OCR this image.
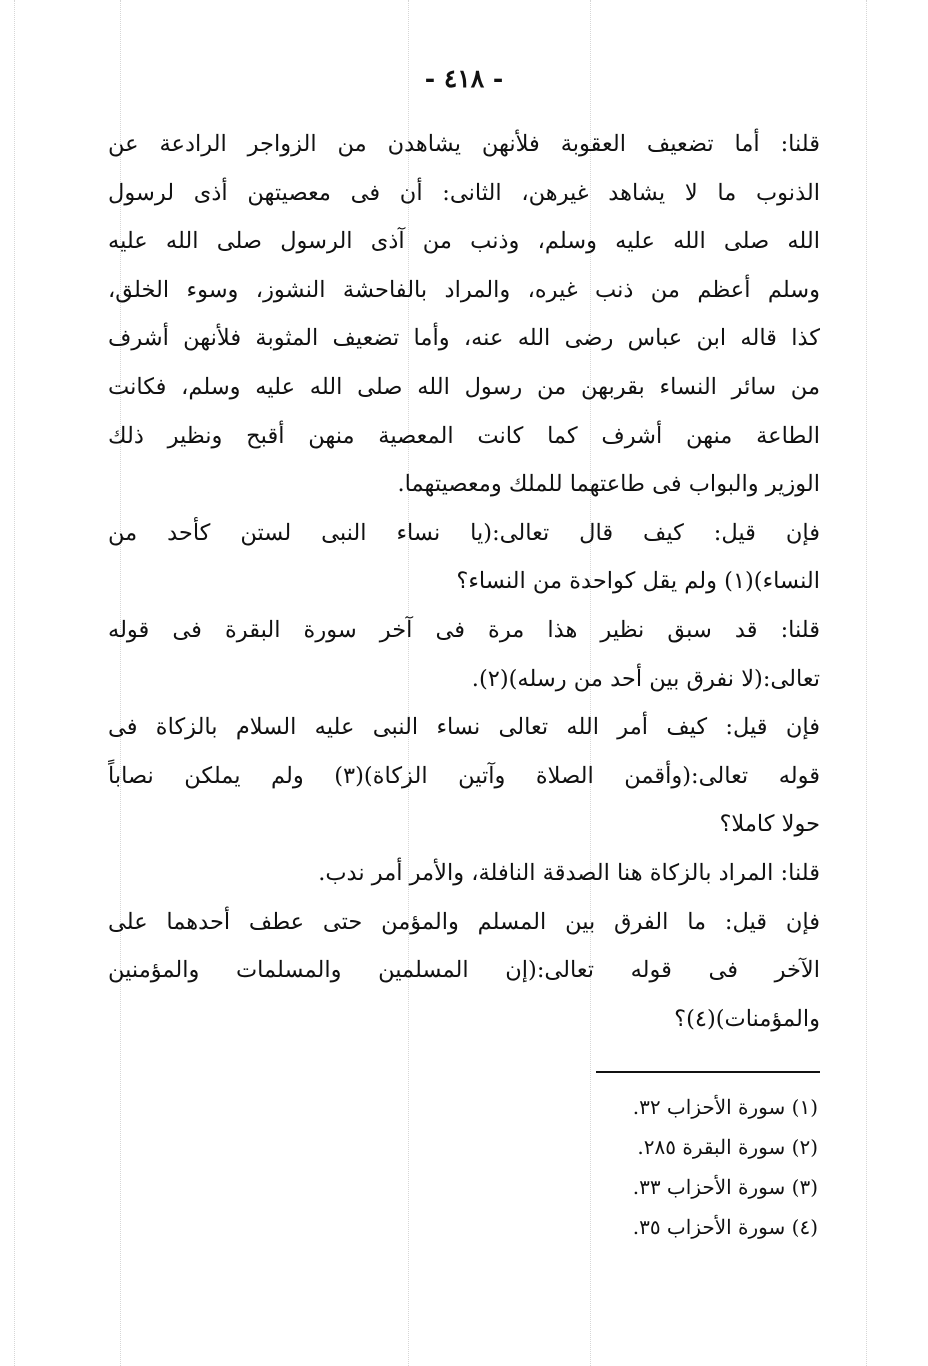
- ٤١٨ -
قلنا: أما تضعيف العقوبة فلأنهن يشاهدن من الزواجر الرادعة عن
الذنوب ما لا يشاهد غيرهن، الثانى: أن فى معصيتهن أذى لرسول
الله صلى الله عليه وسلم، وذنب من آذى الرسول صلى الله عليه
وسلم أعظم من ذنب غيره، والمراد بالفاحشة النشوز، وسوء الخلق،
كذا قاله ابن عباس رضى الله عنه، وأما تضعيف المثوبة فلأنهن أشرف
من سائر النساء بقربهن من رسول الله صلى الله عليه وسلم، فكانت
الطاعة منهن أشرف كما كانت المعصية منهن أقبح ونظير ذلك
الوزير والبواب فى طاعتهما للملك ومعصيتهما.
فإن قيل: كيف قال تعالى:(يا نساء النبى لستن كأحد من
النساء)(١) ولم يقل كواحدة من النساء؟
قلنا: قد سبق نظير هذا مرة فى آخر سورة البقرة فى قوله
تعالى:(لا نفرق بين أحد من رسله)(٢).
فإن قيل: كيف أمر الله تعالى نساء النبى عليه السلام بالزكاة فى
قوله تعالى:(وأقمن الصلاة وآتين الزكاة)(٣) ولم يملكن نصاباً
حولا كاملا؟
قلنا: المراد بالزكاة هنا الصدقة النافلة، والأمر أمر ندب.
فإن قيل: ما الفرق بين المسلم والمؤمن حتى عطف أحدهما على
الآخر فى قوله تعالى:(إن المسلمين والمسلمات والمؤمنين
والمؤمنات)(٤)؟
(١) سورة الأحزاب ٣٢.
(٢) سورة البقرة ٢٨٥.
(٣) سورة الأحزاب ٣٣.
(٤) سورة الأحزاب ٣٥.
